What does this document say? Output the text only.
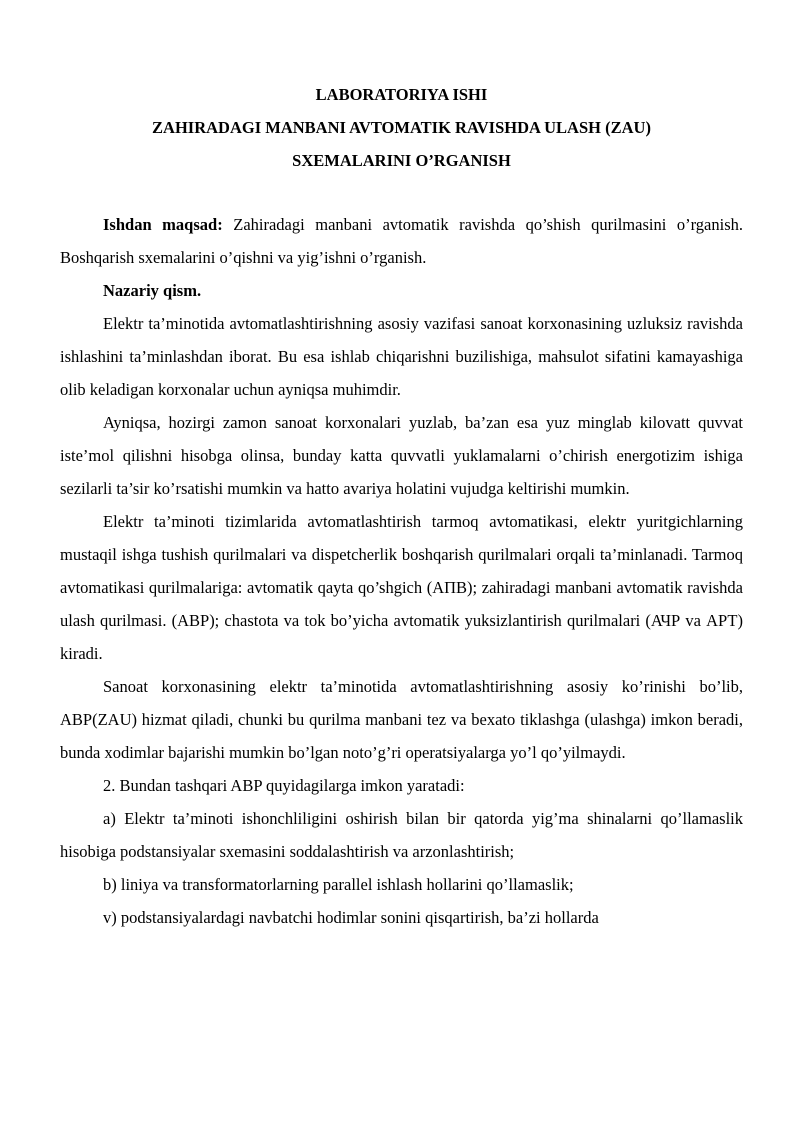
LABORATORIYA ISHI
ZAHIRADAGI MANBANI AVTOMATIK RAVISHDA ULASH (ZAU)
SXEMALARINI O’RGANISH

Ishdan maqsad: Zahiradagi manbani avtomatik ravishda qo’shish qurilmasini o’rganish. Boshqarish sxemalarini o’qishni va yig’ishni o’rganish.

Nazariy qism.

Elektr ta’minotida avtomatlashtirishning asosiy vazifasi sanoat korxonasining uzluksiz ravishda ishlashini ta’minlashdan iborat. Bu esa ishlab chiqarishni buzilishiga, mahsulot sifatini kamayashiga olib keladigan korxonalar uchun ayniqsa muhimdir.

Ayniqsa, hozirgi zamon sanoat korxonalari yuzlab, ba’zan esa yuz minglab kilovatt quvvat iste’mol qilishni hisobga olinsa, bunday katta quvvatli yuklamalarni o’chirish energotizim ishiga sezilarli ta’sir ko’rsatishi mumkin va hatto avariya holatini vujudga keltirishi mumkin.

Elektr ta’minoti tizimlarida avtomatlashtirish tarmoq avtomatikasi, elektr yuritgichlarning mustaqil ishga tushish qurilmalari va dispetcherlik boshqarish qurilmalari orqali ta’minlanadi. Tarmoq avtomatikasi qurilmalariga: avtomatik qayta qo’shgich (АПВ); zahiradagi manbani avtomatik ravishda ulash qurilmasi. (ABP); chastota va tok bo’yicha avtomatik yuksizlantirish qurilmalari (АЧР va АРТ) kiradi.

Sanoat korxonasining elektr ta’minotida avtomatlashtirishning asosiy ko’rinishi bo’lib, ABP(ZAU) hizmat qiladi, chunki bu qurilma manbani tez va bexato tiklashga (ulashga) imkon beradi, bunda xodimlar bajarishi mumkin bo’lgan noto’g’ri operatsiyalarga yo’l qo’yilmaydi.

2. Bundan tashqari ABP quyidagilarga imkon yaratadi:

a) Elektr ta’minoti ishonchliligini oshirish bilan bir qatorda yig’ma shinalarni qo’llamaslik hisobiga podstansiyalar sxemasini soddalashtirish va arzonlashtirish;

b) liniya va transformatorlarning parallel ishlash hollarini qo’llamaslik;

v) podstansiyalardagi navbatchi hodimlar sonini qisqartirish, ba’zi hollarda
